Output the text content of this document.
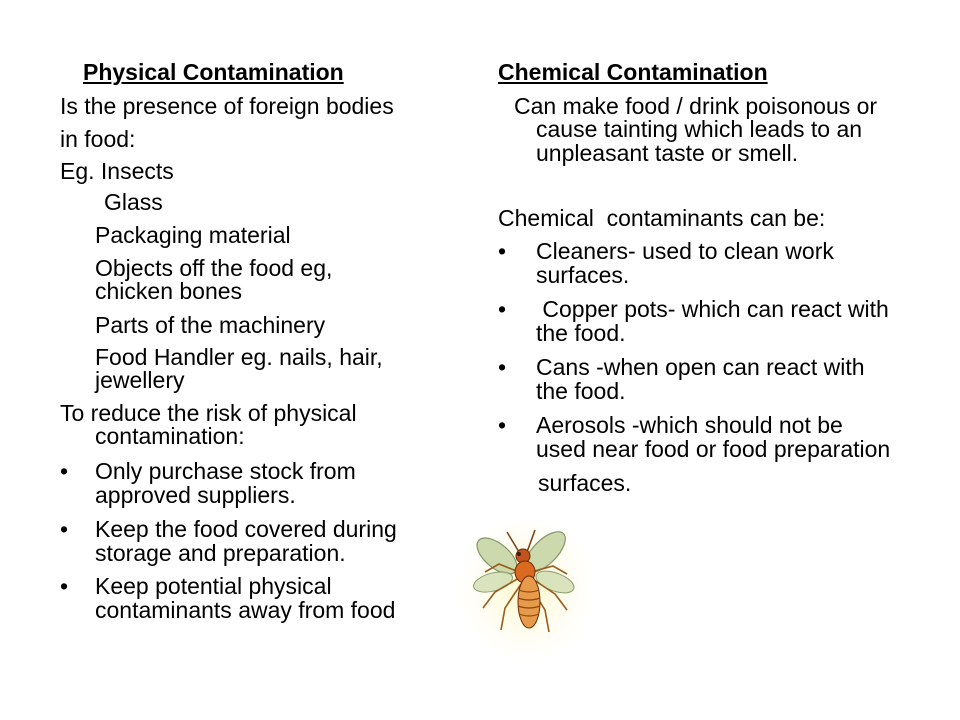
Physical Contamination
Is the presence of foreign bodies
in food:
Eg. Insects
Glass
Packaging material
Objects off the food eg,
chicken bones
Parts of the machinery
Food Handler eg. nails, hair,
jewellery
To reduce the risk of physical
contamination:
• Only purchase stock from
approved suppliers.
• Keep the food covered during
storage and preparation.
• Keep potential physical
contaminants away from food
Chemical Contamination
Can make food / drink poisonous or
cause tainting which leads to an
unpleasant taste or smell.
Chemical  contaminants can be:
• Cleaners- used to clean work
surfaces.
• Copper pots- which can react with
the food.
• Cans -when open can react with
the food.
• Aerosols -which should not be
used near food or food preparation
surfaces.
